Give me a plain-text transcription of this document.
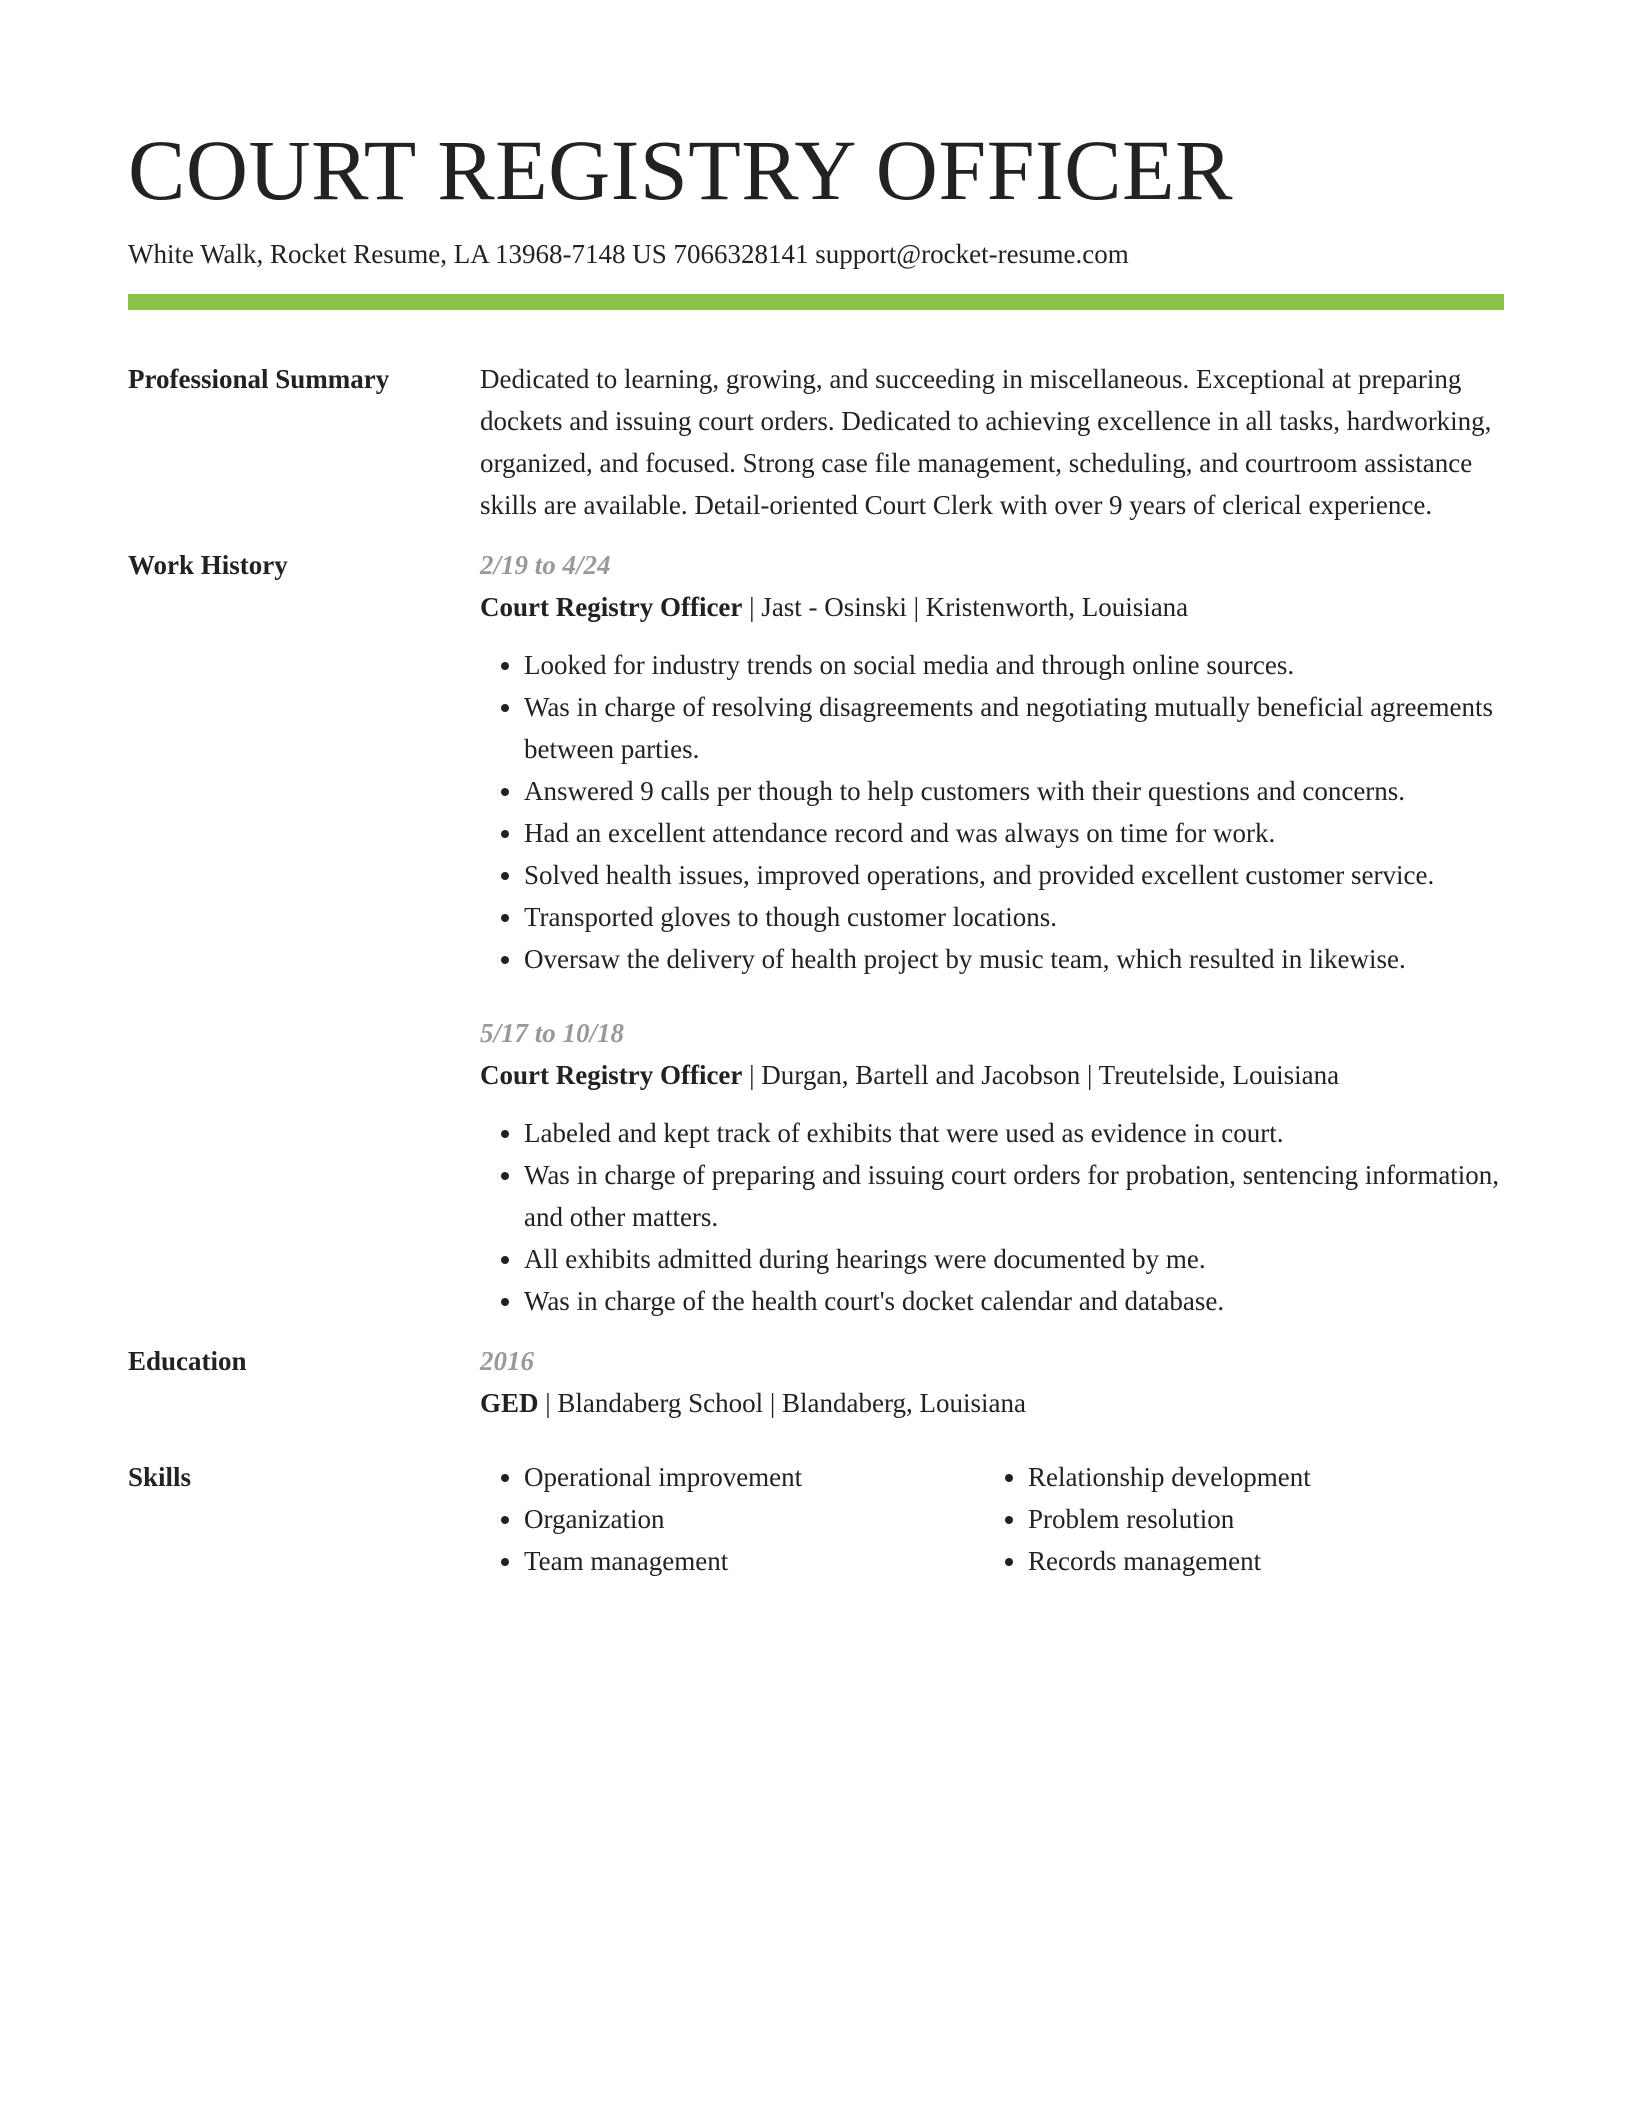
COURT REGISTRY OFFICER
White Walk, Rocket Resume, LA 13968-7148 US 7066328141 support@rocket-resume.com
Professional Summary	Dedicated to learning, growing, and succeeding in miscellaneous. Exceptional at preparing dockets and issuing court orders. Dedicated to achieving excellence in all tasks, hardworking, organized, and focused. Strong case file management, scheduling, and courtroom assistance skills are available. Detail-oriented Court Clerk with over 9 years of clerical experience.

Work History	2/19 to 4/24
Court Registry Officer | Jast - Osinski | Kristenworth, Louisiana
• Looked for industry trends on social media and through online sources.
• Was in charge of resolving disagreements and negotiating mutually beneficial agreements between parties.
• Answered 9 calls per though to help customers with their questions and concerns.
• Had an excellent attendance record and was always on time for work.
• Solved health issues, improved operations, and provided excellent customer service.
• Transported gloves to though customer locations.
• Oversaw the delivery of health project by music team, which resulted in likewise.
5/17 to 10/18
Court Registry Officer | Durgan, Bartell and Jacobson | Treutelside, Louisiana
• Labeled and kept track of exhibits that were used as evidence in court.
• Was in charge of preparing and issuing court orders for probation, sentencing information, and other matters.
• All exhibits admitted during hearings were documented by me.
• Was in charge of the health court's docket calendar and database.
Education	2016
GED | Blandaberg School | Blandaberg, Louisiana
Skills
•	Operational improvement
• Organization
• Team management
• Relationship development
• Problem resolution
• Records management
